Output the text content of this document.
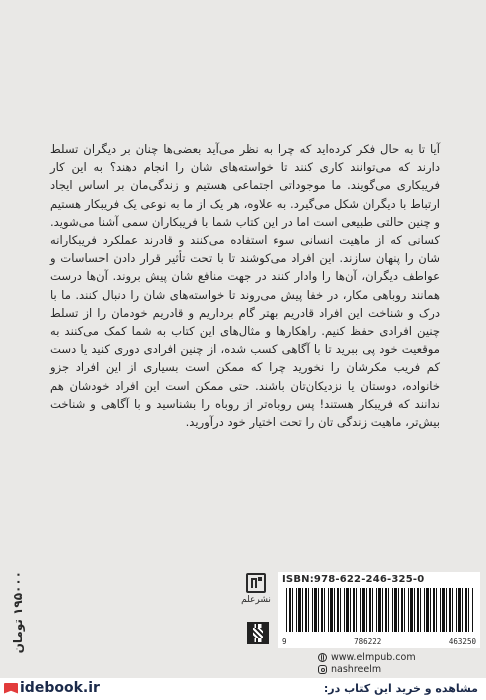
آیا تا به حال فکر کرده‌اید که چرا به نظر می‌آید بعضی‌ها چنان بر دیگران تسلط دارند که می‌توانند کاری کنند تا خواسته‌های شان را انجام دهند؟ به این کار فریبکاری می‌گویند. ما موجوداتی اجتماعی هستیم و زندگی‌مان بر اساس ایجاد ارتباط با دیگران شکل می‌گیرد. به علاوه، هر یک از ما به نوعی یک فریبکار هستیم و چنین حالتی طبیعی است اما در این کتاب شما با فریبکاران سمی آشنا می‌شوید. کسانی که از ماهیت انسانی سوء استفاده می‌کنند و قادرند عملکرد فریبکارانه شان را پنهان سازند. این افراد می‌کوشند تا با تحت تأثیر قرار دادن احساسات و عواطف دیگران، آن‌ها را وادار کنند در جهت منافع شان پیش بروند. آن‌ها درست همانند روباهی مکار، در خفا پیش می‌روند تا خواسته‌های شان را دنبال کنند. ما با درک و شناخت این افراد قادریم بهتر گام برداریم و قادریم خودمان را از تسلط چنین افرادی حفظ کنیم. راهکارها و مثال‌های این کتاب به شما کمک می‌کنند به موقعیت خود پی ببرید تا با آگاهی کسب شده، از چنین افرادی دوری کنید یا دست کم فریب مکرشان را نخورید چرا که ممکن است بسیاری از این افراد جزو خانواده، دوستان یا نزدیکان‌تان باشند. حتی ممکن است این افراد خودشان هم ندانند که فریبکار هستند! پس روباه‌تر از روباه را بشناسید و با آگاهی و شناخت بیش‌تر، ماهیت زندگی تان را تحت اختیار خود درآورید.

۱۹۵۰۰۰ تومان	نشرعلم
ISBN:978-622-246-325-0
9	786222	463250
www.elmpub.com
nashreelm
idebook.ir	مشاهده و خرید این کتاب در:
